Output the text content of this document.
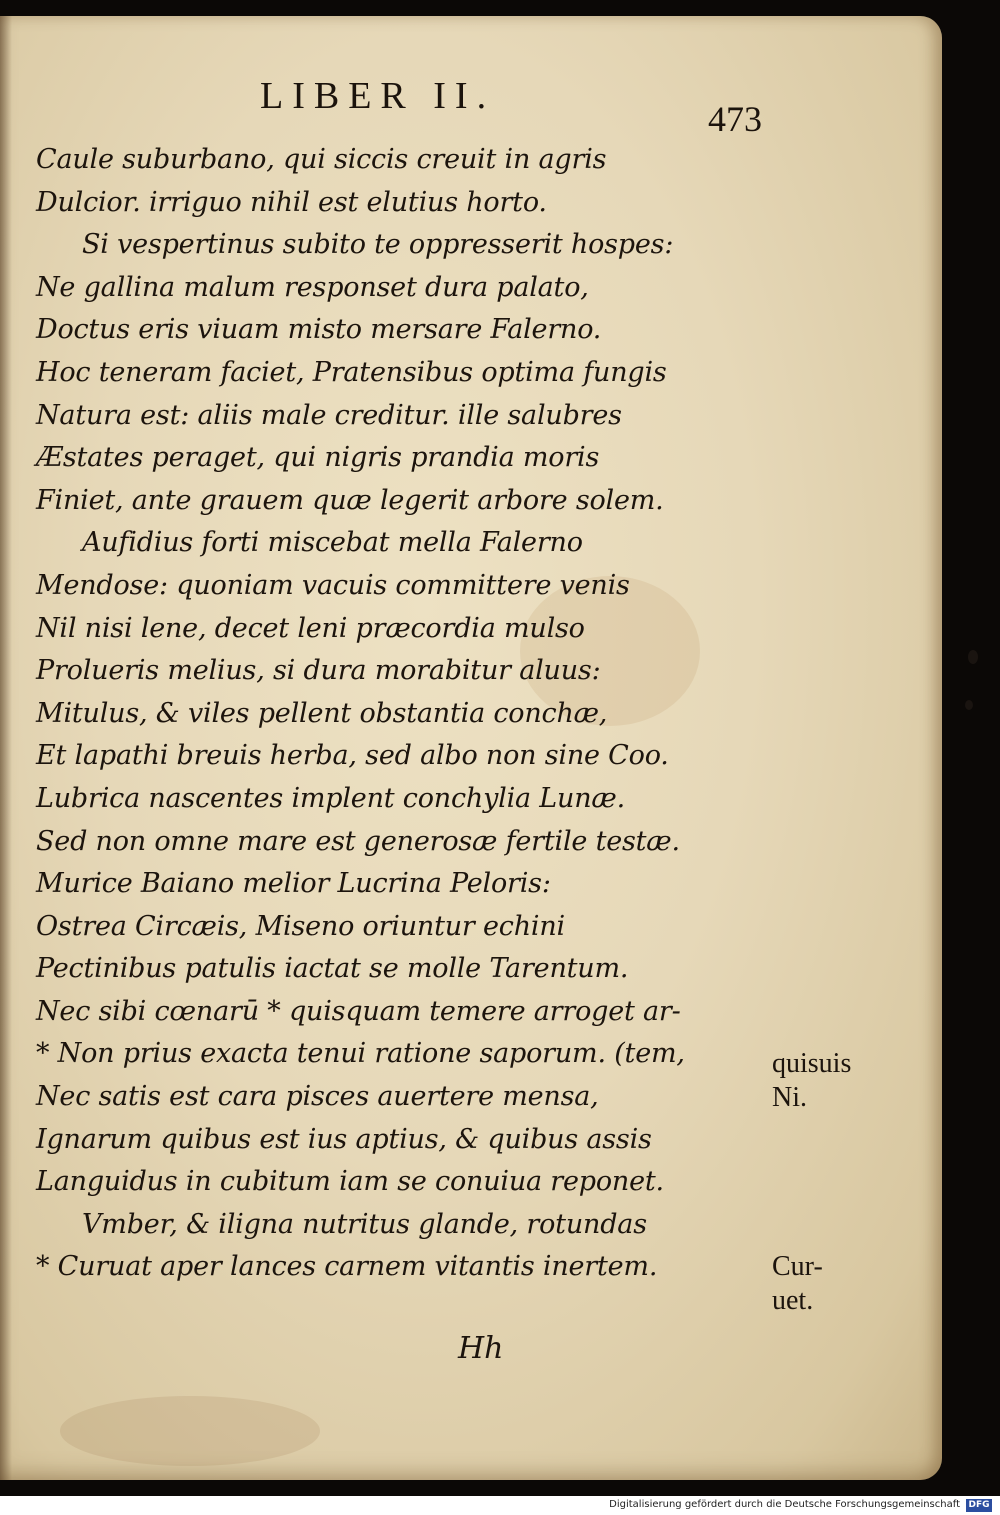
LIBER II.
473
Caule suburbano, qui siccis creuit in agris
Dulcior. irriguo nihil est elutius horto.
Si vespertinus subito te oppresserit hospes:
Ne gallina malum responset dura palato,
Doctus eris viuam misto mersare Falerno.
Hoc teneram faciet, Pratensibus optima fungis
Natura est: aliis male creditur. ille salubres
Æstates peraget, qui nigris prandia moris
Finiet, ante grauem quæ legerit arbore solem.
Aufidius forti miscebat mella Falerno
Mendose: quoniam vacuis committere venis
Nil nisi lene, decet leni præcordia mulso
Prolueris melius, si dura morabitur aluus:
Mitulus, & viles pellent obstantia conchæ,
Et lapathi breuis herba, sed albo non sine Coo.
Lubrica nascentes implent conchylia Lunæ.
Sed non omne mare est generosæ fertile testæ.
Murice Baiano melior Lucrina Peloris:
Ostrea Circæis, Miseno oriuntur echini
Pectinibus patulis iactat se molle Tarentum.
Nec sibi cœnarū * quisquam temere arroget ar-
* Non prius exacta tenui ratione saporum. (tem,
Nec satis est cara pisces auertere mensa,
Ignarum quibus est ius aptius, & quibus assis
Languidus in cubitum iam se conuiua reponet.
Vmber, & iligna nutritus glande, rotundas
* Curuat aper lances carnem vitantis inertem.
quisuis
Ni.
Cur-
uet.
Hh
Digitalisierung gefördert durch die Deutsche Forschungsgemeinschaft DFG
